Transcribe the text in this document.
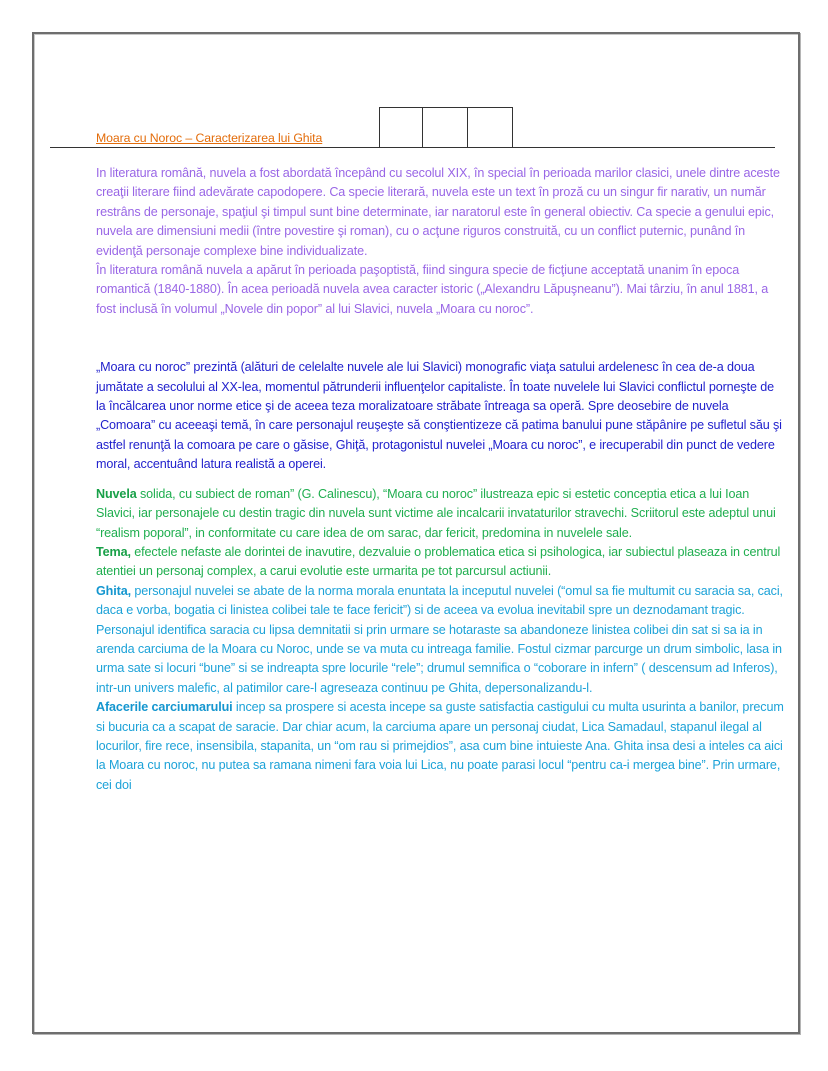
Moara cu Noroc – Caracterizarea lui Ghita

In literatura română, nuvela a fost abordată începând cu secolul XIX, în special în perioada marilor clasici, unele dintre aceste creaţii literare fiind adevărate capodopere. Ca specie literară, nuvela este un text în proză cu un singur fir narativ, un număr restrâns de personaje, spaţiul şi timpul sunt bine determinate, iar naratorul este în general obiectiv. Ca specie a genului epic, nuvela are dimensiuni medii (între povestire şi roman), cu o acţune riguros construită, cu un conflict puternic, punând în evidenţă personaje complexe bine individualizate.

În literatura română nuvela a apărut în perioada paşoptistă, fiind singura specie de ficţiune acceptată unanim în epoca romantică (1840-1880). În acea perioadă nuvela avea caracter istoric („Alexandru Lăpuşneanu”). Mai târziu, în anul 1881, a fost inclusă în volumul „Novele din popor” al lui Slavici, nuvela „Moara cu noroc”.

„Moara cu noroc” prezintă (alături de celelalte nuvele ale lui Slavici) monografic viaţa satului ardelenesc în cea de-a doua jumătate a secolului al XX-lea, momentul pătrunderii influenţelor capitaliste. În toate nuvelele lui Slavici conflictul porneşte de la încălcarea unor norme etice şi de aceea teza moralizatoare străbate întreaga sa operă. Spre deosebire de nuvela „Comoara” cu aceeaşi temă, în care personajul reuşeşte să conştientizeze că patima banului pune stăpânire pe sufletul său şi astfel renunţă la comoara pe care o găsise, Ghiţă, protagonistul nuvelei „Moara cu noroc”, e irecuperabil din punct de vedere moral, accentuând latura realistă a operei.

Nuvela solida, cu subiect de roman” (G. Calinescu), “Moara cu noroc” ilustreaza epic si estetic conceptia etica a lui Ioan Slavici, iar personajele cu destin tragic din nuvela sunt victime ale incalcarii invataturilor stravechi. Scriitorul este adeptul unui “realism poporal”, in conformitate cu care idea de om sarac, dar fericit, predomina in nuvelele sale.

Tema, efectele nefaste ale dorintei de inavutire, dezvaluie o problematica etica si psihologica, iar subiectul plaseaza in centrul atentiei un personaj complex, a carui evolutie este urmarita pe tot parcursul actiunii.

Ghita, personajul nuvelei se abate de la norma morala enuntata la inceputul nuvelei (“omul sa fie multumit cu saracia sa, caci, daca e vorba, bogatia ci linistea colibei tale te face fericit”) si de aceea va evolua inevitabil spre un deznodamant tragic. Personajul identifica saracia cu lipsa demnitatii si prin urmare se hotaraste sa abandoneze linistea colibei din sat si sa ia in arenda carciuma de la Moara cu Noroc, unde se va muta cu intreaga familie. Fostul cizmar parcurge un drum simbolic, lasa in urma sate si locuri “bune” si se indreapta spre locurile “rele”; drumul semnifica o “coborare in infern” ( descensum ad Inferos), intr-un univers malefic, al patimilor care-l agreseaza continuu pe Ghita, depersonalizandu-l.

Afacerile carciumarului incep sa prospere si acesta incepe sa guste satisfactia castigului cu multa usurinta a banilor, precum si bucuria ca a scapat de saracie. Dar chiar acum, la carciuma apare un personaj ciudat, Lica Samadaul, stapanul ilegal al locurilor, fire rece, insensibila, stapanita, un “om rau si primejdios”, asa cum bine intuieste Ana. Ghita insa desi a inteles ca aici la Moara cu noroc, nu putea sa ramana nimeni fara voia lui Lica, nu poate parasi locul “pentru ca-i mergea bine”. Prin urmare, cei doi
